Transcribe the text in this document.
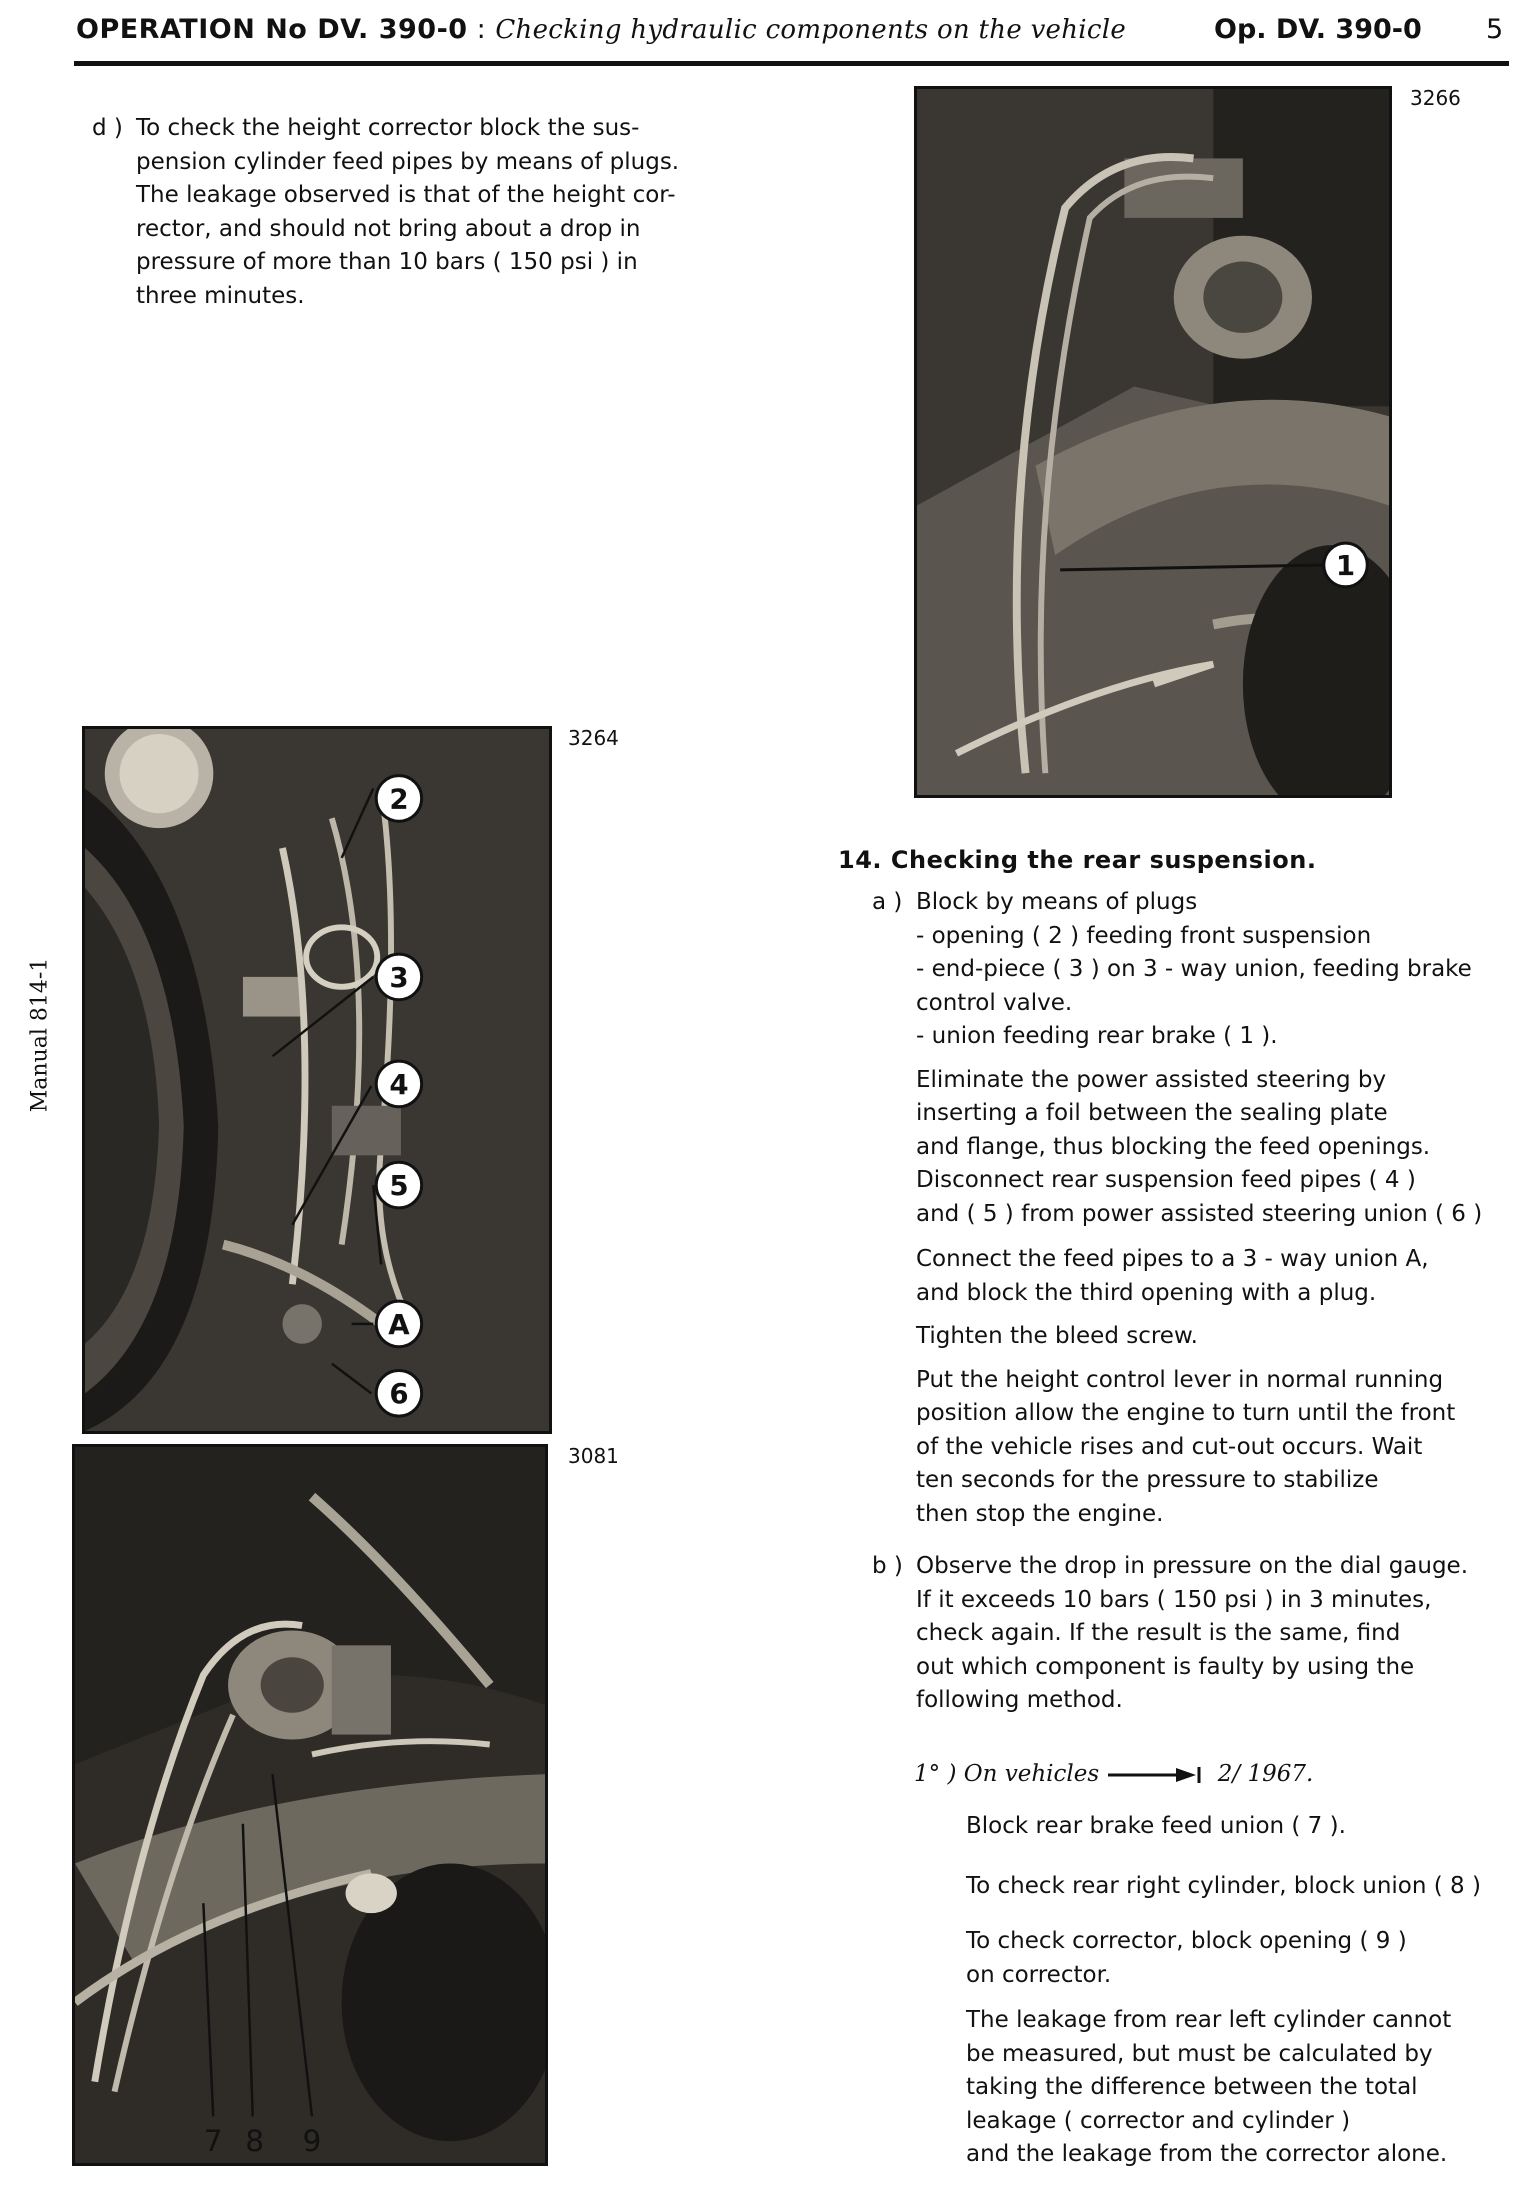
OPERATION No DV. 390-0 : Checking hydraulic components on the vehicle	Op. DV. 390-0 5
Manual 814-1
d ) To check the height corrector block the sus-
pension cylinder feed pipes by means of plugs.
The leakage observed is that of the height cor-
rector, and should not bring about a drop in
pressure of more than 10 bars ( 150 psi ) in
three minutes.
3266
1
3264
2
3
4
5
A
6
3081
7 8 9
14. Checking the rear suspension.
a ) Block by means of plugs
- opening ( 2 ) feeding front suspension
- end-piece ( 3 ) on 3 - way union, feeding brake
control valve.
- union feeding rear brake ( 1 ).
Eliminate the power assisted steering by
inserting a foil between the sealing plate
and flange, thus blocking the feed openings.
Disconnect rear suspension feed pipes ( 4 )
and ( 5 ) from power assisted steering union ( 6 )
Connect the feed pipes to a 3 - way union A,
and block the third opening with a plug.
Tighten the bleed screw.
Put the height control lever in normal running
position allow the engine to turn until the front
of the vehicle rises and cut-out occurs. Wait
ten seconds for the pressure to stabilize
then stop the engine.
b ) Observe the drop in pressure on the dial gauge.
If it exceeds 10 bars ( 150 psi ) in 3 minutes,
check again. If the result is the same, find
out which component is faulty by using the
following method.
1° ) On vehicles	2/ 1967.
Block rear brake feed union ( 7 ).
To check rear right cylinder, block union ( 8 )
To check corrector, block opening ( 9 )
on corrector.
The leakage from rear left cylinder cannot
be measured, but must be calculated by
taking the difference between the total
leakage ( corrector and cylinder )
and the leakage from the corrector alone.
